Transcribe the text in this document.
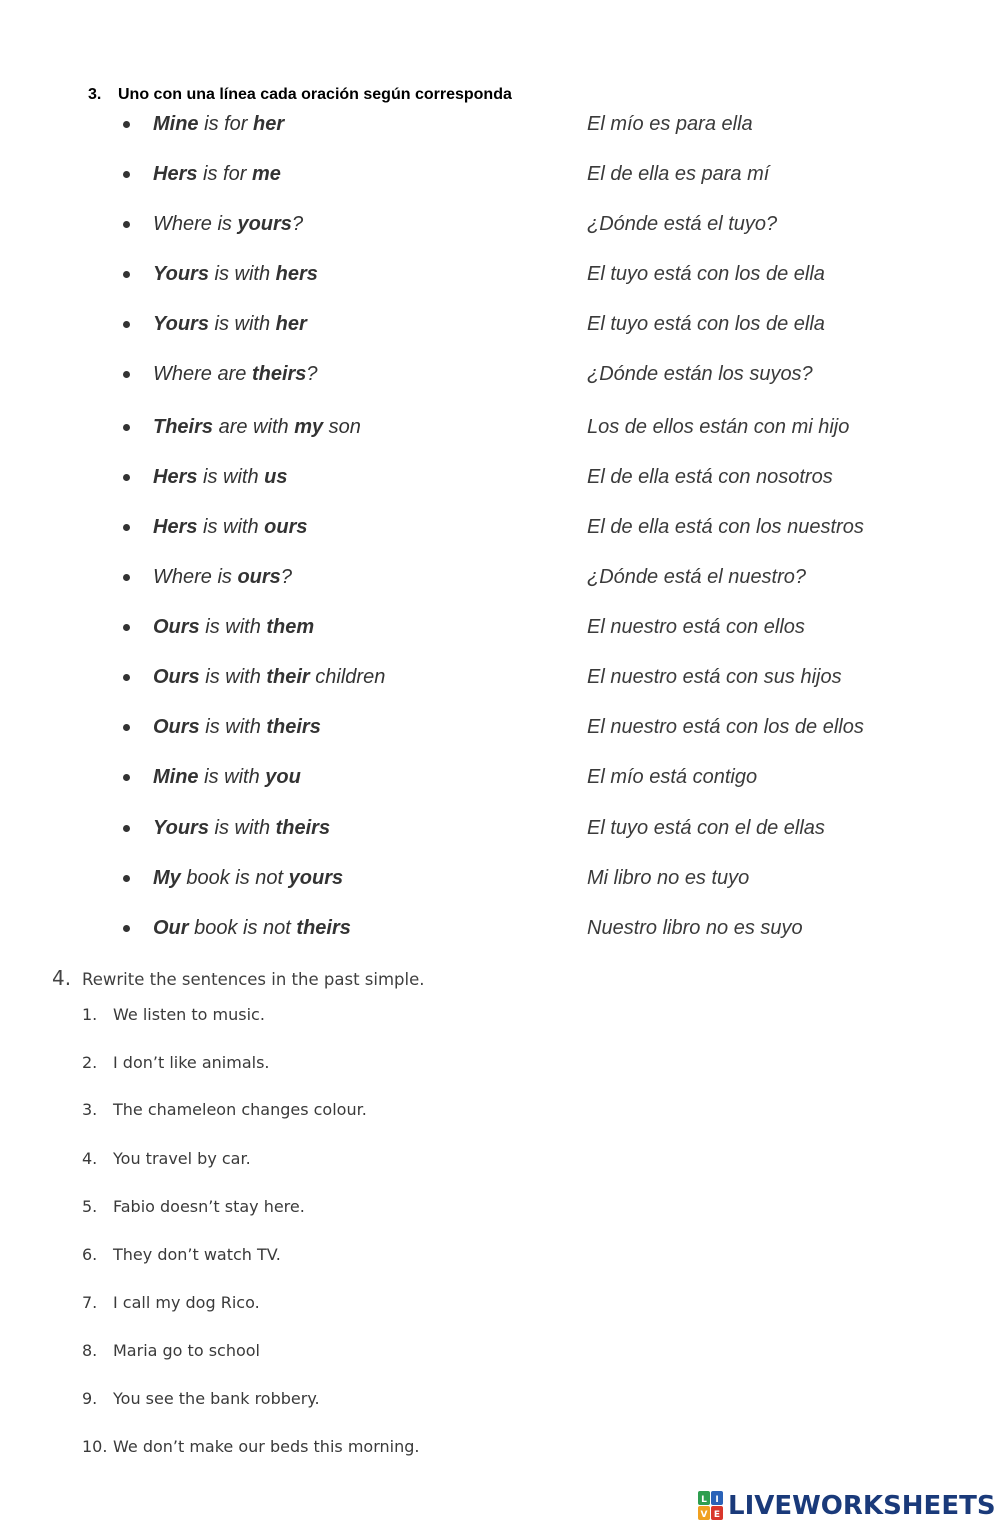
3. Uno con una línea cada oración según corresponda
Mine is for her	El mío es para ella
Hers is for me	El de ella es para mí
Where is yours?	¿Dónde está el tuyo?
Yours is with hers	El tuyo está con los de ella
Yours is with her	El tuyo está con los de ella
Where are theirs?	¿Dónde están los suyos?
Theirs are with my son	Los de ellos están con mi hijo
Hers is with us	El de ella está con nosotros
Hers is with ours	El de ella está con los nuestros
Where is ours?	¿Dónde está el nuestro?
Ours is with them	El nuestro está con ellos
Ours is with their children	El nuestro está con sus hijos
Ours is with theirs	El nuestro está con los de ellos
Mine is with you	El mío está contigo
Yours is with theirs	El tuyo está con el de ellas
My book is not yours	Mi libro no es tuyo
Our book is not theirs	Nuestro libro no es suyo
4. Rewrite the sentences in the past simple.
1. We listen to music.
2. I don’t like animals.
3. The chameleon changes colour.
4. You travel by car.
5. Fabio doesn’t stay here.
6. They don’t watch TV.
7. I call my dog Rico.
8. Maria go to school
9. You see the bank robbery.
10. We don’t make our beds this morning.
L I
V E LIVEWORKSHEETS
